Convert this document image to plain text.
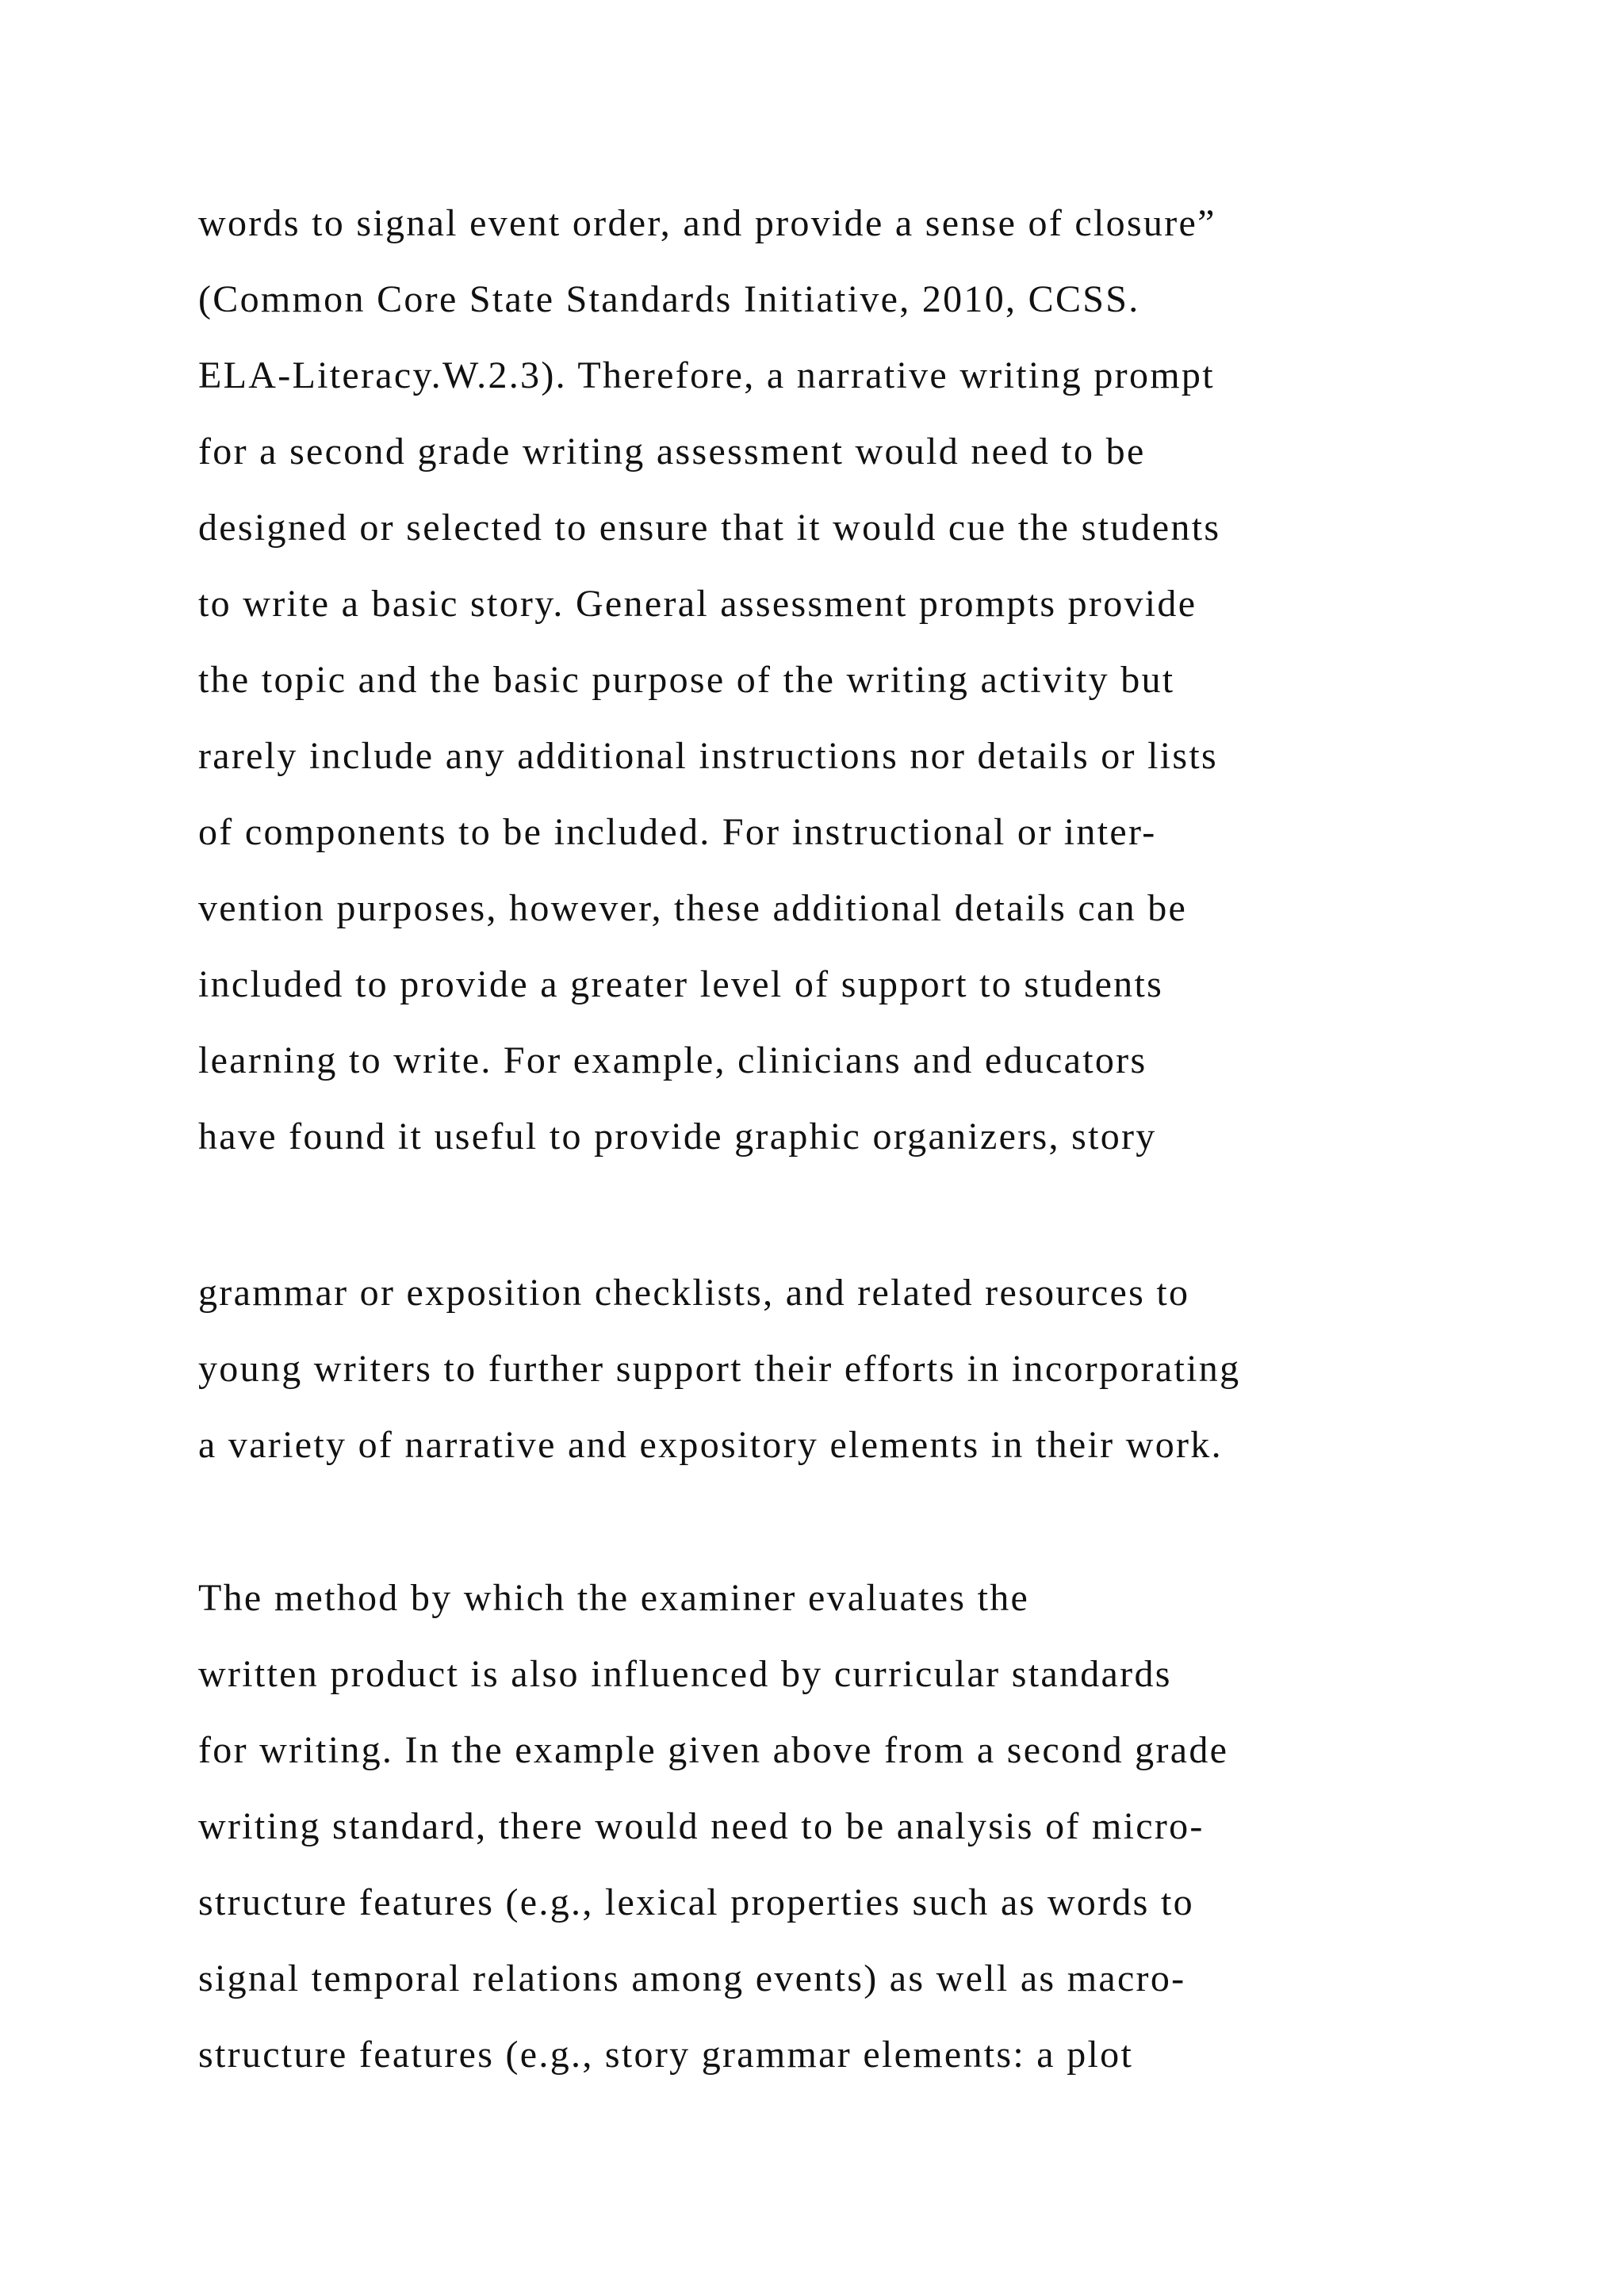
words to signal event order, and provide a sense of closure”
(Common Core State Standards Initiative, 2010, CCSS.
ELA-Literacy.W.2.3). Therefore, a narrative writing prompt
for a second grade writing assessment would need to be
designed or selected to ensure that it would cue the students
to write a basic story. General assessment prompts provide
the topic and the basic purpose of the writing activity but
rarely include any additional instructions nor details or lists
of components to be included. For instructional or inter-
vention purposes, however, these additional details can be
included to provide a greater level of support to students
learning to write. For example, clinicians and educators
have found it useful to provide graphic organizers, story
grammar or exposition checklists, and related resources to
young writers to further support their efforts in incorporating
a variety of narrative and expository elements in their work.
The method by which the examiner evaluates the
written product is also influenced by curricular standards
for writing. In the example given above from a second grade
writing standard, there would need to be analysis of micro-
structure features (e.g., lexical properties such as words to
signal temporal relations among events) as well as macro-
structure features (e.g., story grammar elements: a plot
